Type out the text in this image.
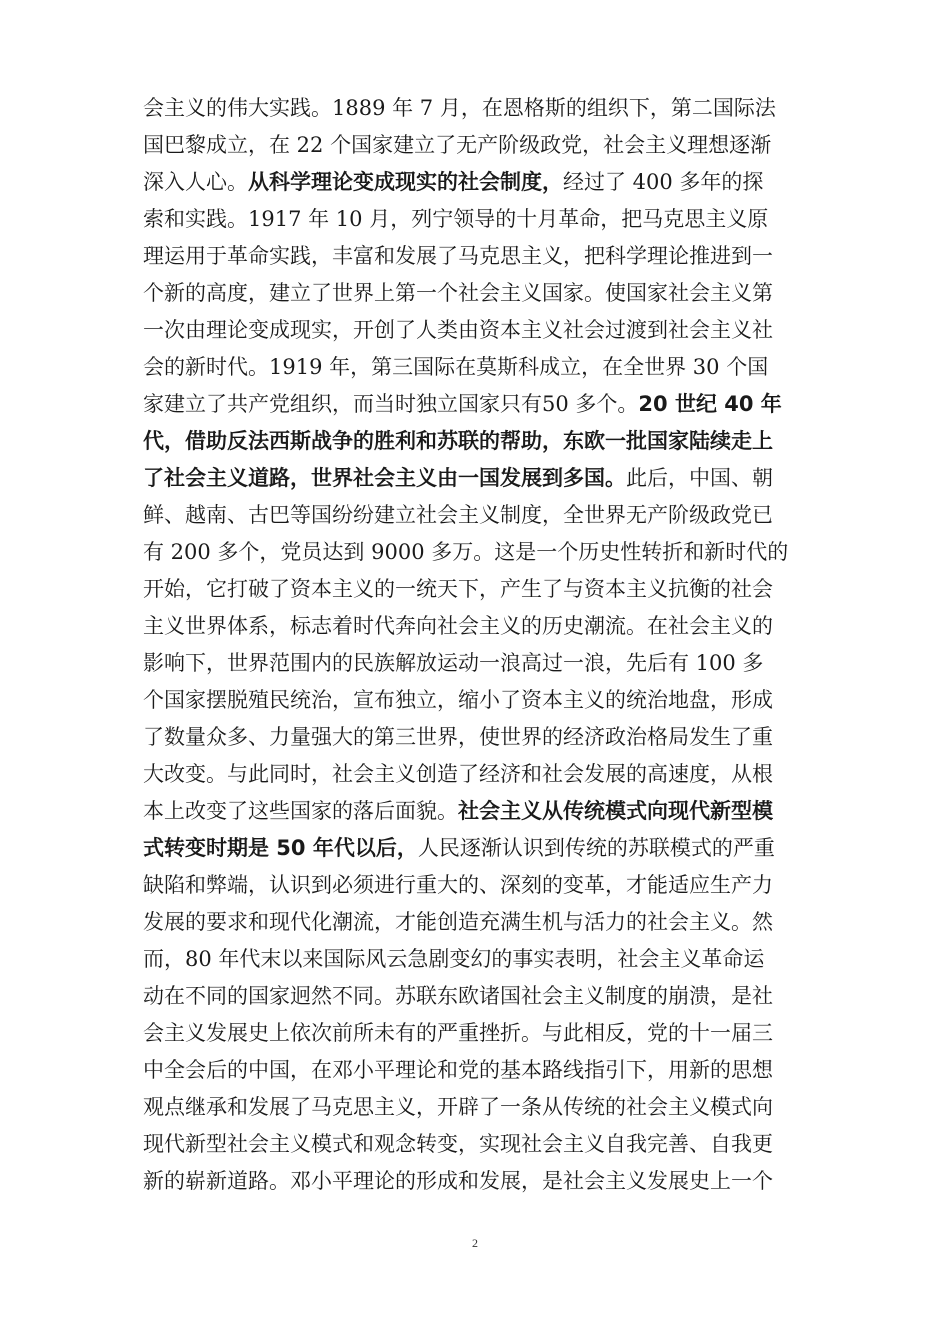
会主义的伟大实践。1889 年 7 月，在恩格斯的组织下，第二国际法
国巴黎成立，在 22 个国家建立了无产阶级政党，社会主义理想逐渐
深入人心。从科学理论变成现实的社会制度，经过了 400 多年的探
索和实践。1917 年 10 月，列宁领导的十月革命，把马克思主义原
理运用于革命实践，丰富和发展了马克思主义，把科学理论推进到一
个新的高度，建立了世界上第一个社会主义国家。使国家社会主义第
一次由理论变成现实，开创了人类由资本主义社会过渡到社会主义社
会的新时代。1919 年，第三国际在莫斯科成立，在全世界 30 个国
家建立了共产党组织，而当时独立国家只有50 多个。20 世纪 40 年
代，借助反法西斯战争的胜利和苏联的帮助，东欧一批国家陆续走上
了社会主义道路，世界社会主义由一国发展到多国。此后，中国、朝
鲜、越南、古巴等国纷纷建立社会主义制度，全世界无产阶级政党已
有 200 多个，党员达到 9000 多万。这是一个历史性转折和新时代的
开始，它打破了资本主义的一统天下，产生了与资本主义抗衡的社会
主义世界体系，标志着时代奔向社会主义的历史潮流。在社会主义的
影响下，世界范围内的民族解放运动一浪高过一浪，先后有 100 多
个国家摆脱殖民统治，宣布独立，缩小了资本主义的统治地盘，形成
了数量众多、力量强大的第三世界，使世界的经济政治格局发生了重
大改变。与此同时，社会主义创造了经济和社会发展的高速度，从根
本上改变了这些国家的落后面貌。社会主义从传统模式向现代新型模
式转变时期是 50 年代以后，人民逐渐认识到传统的苏联模式的严重
缺陷和弊端，认识到必须进行重大的、深刻的变革，才能适应生产力
发展的要求和现代化潮流，才能创造充满生机与活力的社会主义。然
而，80 年代末以来国际风云急剧变幻的事实表明，社会主义革命运
动在不同的国家迥然不同。苏联东欧诸国社会主义制度的崩溃，是社
会主义发展史上依次前所未有的严重挫折。与此相反，党的十一届三
中全会后的中国，在邓小平理论和党的基本路线指引下，用新的思想
观点继承和发展了马克思主义，开辟了一条从传统的社会主义模式向
现代新型社会主义模式和观念转变，实现社会主义自我完善、自我更
新的崭新道路。邓小平理论的形成和发展，是社会主义发展史上一个
2
